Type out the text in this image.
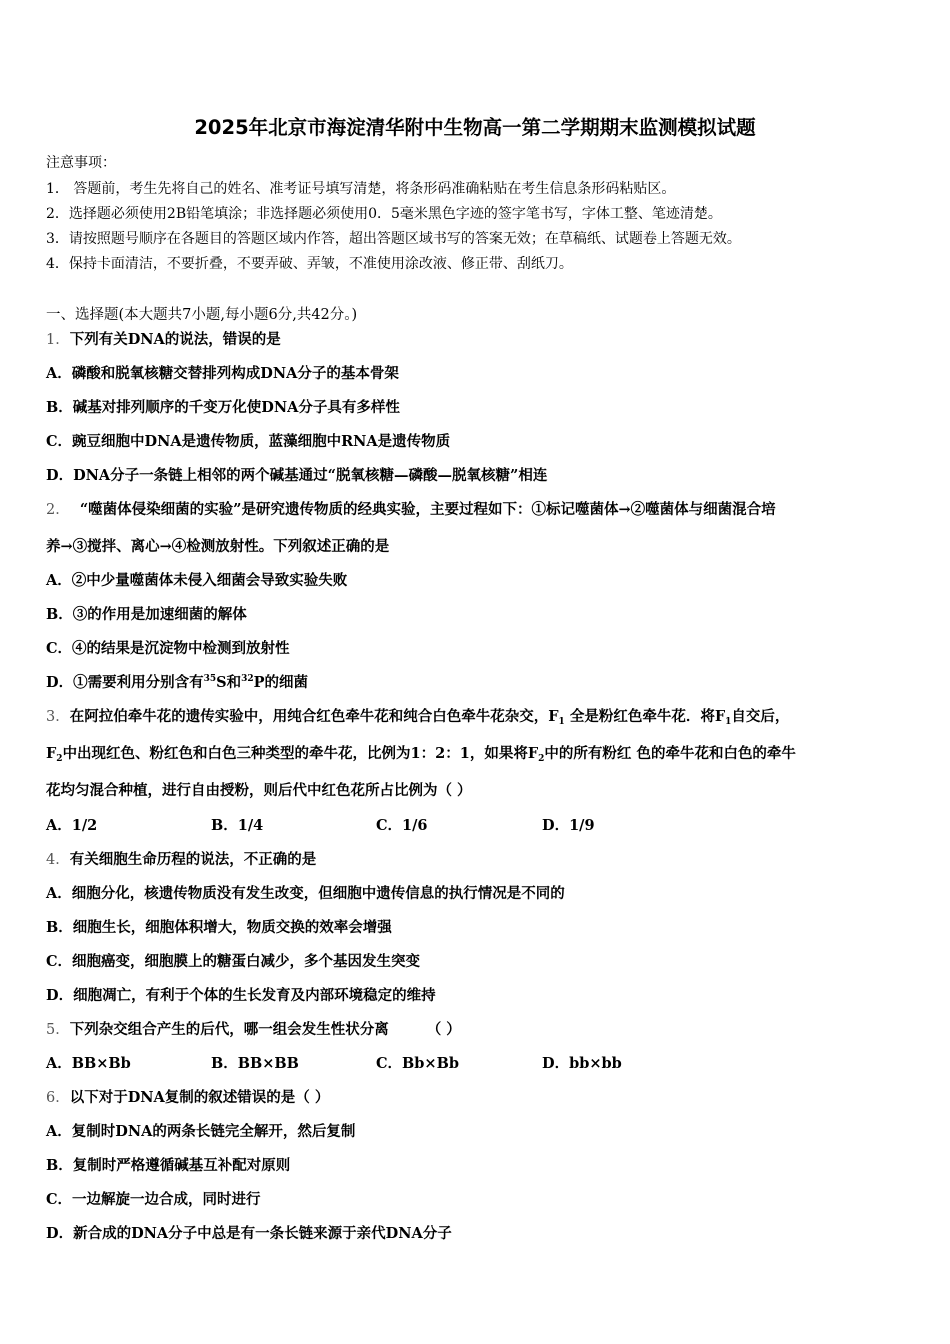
2025年北京市海淀清华附中生物高一第二学期期末监测模拟试题
注意事项：
1． 答题前，考生先将自己的姓名、准考证号填写清楚，将条形码准确粘贴在考生信息条形码粘贴区。
2．选择题必须使用2B铅笔填涂；非选择题必须使用0．5毫米黑色字迹的签字笔书写，字体工整、笔迹清楚。
3．请按照题号顺序在各题目的答题区域内作答，超出答题区域书写的答案无效；在草稿纸、试题卷上答题无效。
4．保持卡面清洁，不要折叠，不要弄破、弄皱，不准使用涂改液、修正带、刮纸刀。
一、选择题(本大题共7小题,每小题6分,共42分。)
1．下列有关DNA的说法，错误的是
A．磷酸和脱氧核糖交替排列构成DNA分子的基本骨架
B．碱基对排列顺序的千变万化使DNA分子具有多样性
C．豌豆细胞中DNA是遗传物质，蓝藻细胞中RNA是遗传物质
D．DNA分子一条链上相邻的两个碱基通过“脱氧核糖—磷酸—脱氧核糖”相连
2． “噬菌体侵染细菌的实验”是研究遗传物质的经典实验，主要过程如下：①标记噬菌体→②噬菌体与细菌混合培
养→③搅拌、离心→④检测放射性。下列叙述正确的是
A．②中少量噬菌体未侵入细菌会导致实验失败
B．③的作用是加速细菌的解体
C．④的结果是沉淀物中检测到放射性
D．①需要利用分别含有$^{35}$S和$^{32}$P的细菌
3．在阿拉伯牵牛花的遗传实验中，用纯合红色牵牛花和纯合白色牵牛花杂交，$F_1$ 全是粉红色牵牛花．将$F_1$自交后，
$F_2$中出现红色、粉红色和白色三种类型的牵牛花，比例为1：2：1，如果将$F_2$中的所有粉红 色的牵牛花和白色的牵牛
花均匀混合种植，进行自由授粉，则后代中红色花所占比例为（ ）
A．1/2	B．1/4	C．1/6	D．1/9
4．有关细胞生命历程的说法，不正确的是
A．细胞分化，核遗传物质没有发生改变，但细胞中遗传信息的执行情况是不同的
B．细胞生长，细胞体积增大，物质交换的效率会增强
C．细胞癌变，细胞膜上的糖蛋白减少，多个基因发生突变
D．细胞凋亡，有利于个体的生长发育及内部环境稳定的维持
5．下列杂交组合产生的后代，哪一组会发生性状分离	（ ）
A．BB×Bb	B．BB×BB	C．Bb×Bb	D．bb×bb
6．以下对于DNA复制的叙述错误的是（ ）
A．复制时DNA的两条长链完全解开，然后复制
B．复制时严格遵循碱基互补配对原则
C．一边解旋一边合成，同时进行
D．新合成的DNA分子中总是有一条长链来源于亲代DNA分子
